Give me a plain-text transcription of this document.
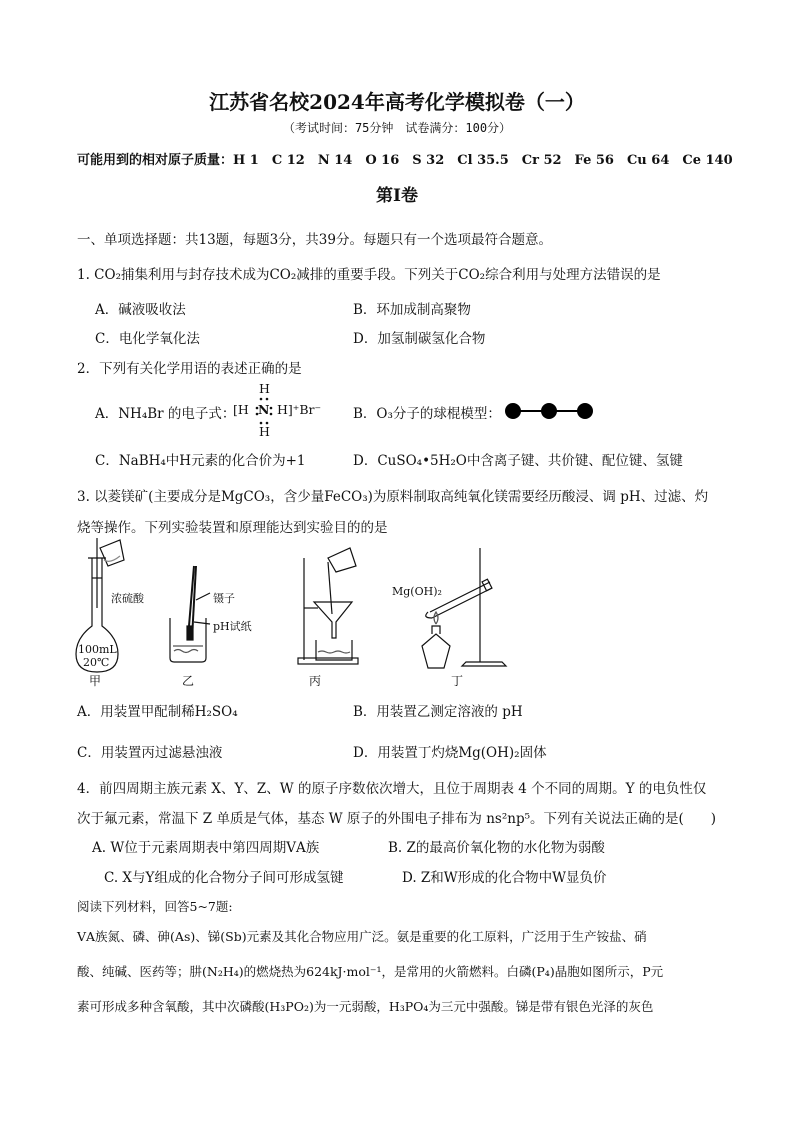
江苏省名校2024年高考化学模拟卷（一）
（考试时间：75分钟　试卷满分：100分）
可能用到的相对原子质量：H 1　C 12　N 14　O 16　S 32　Cl 35.5　Cr 52　Fe 56　Cu 64　Ce 140
第Ⅰ卷
一、单项选择题：共13题，每题3分，共39分。每题只有一个选项最符合题意。
1. CO₂捕集利用与封存技术成为CO₂减排的重要手段。下列关于CO₂综合利用与处理方法错误的是
A．碱液吸收法	B．环加成制高聚物
C．电化学氧化法	D．加氢制碳氢化合物
2．下列有关化学用语的表述正确的是
A．NH₄Br 的电子式：
[H
H
N
H
H]⁺Br⁻ B．O₃分子的球棍模型：
C．NaBH₄中H元素的化合价为+1	D．CuSO₄•5H₂O中含离子键、共价键、配位键、氢键
3. 以菱镁矿(主要成分是MgCO₃，含少量FeCO₃)为原料制取高纯氧化镁需要经历酸浸、调 pH、过滤、灼
烧等操作。下列实验装置和原理能达到实验目的的是
浓硫酸
100mL
20℃
镊子
pH试纸
Mg(OH)₂
甲	乙	丙	丁
A．用装置甲配制稀H₂SO₄	B．用装置乙测定溶液的 pH
C．用装置丙过滤悬浊液	D．用装置丁灼烧Mg(OH)₂固体
4．前四周期主族元素 X、Y、Z、W 的原子序数依次增大，且位于周期表 4 个不同的周期。Y 的电负性仅
次于氟元素，常温下 Z 单质是气体，基态 W 原子的外围电子排布为 ns²np⁵。下列有关说法正确的是(　　)
A. W位于元素周期表中第四周期ⅤA族	B. Z的最高价氧化物的水化物为弱酸
C. X与Y组成的化合物分子间可形成氢键	D. Z和W形成的化合物中W显负价
阅读下列材料，回答5~7题:
ⅤA族氮、磷、砷(As)、锑(Sb)元素及其化合物应用广泛。氨是重要的化工原料，广泛用于生产铵盐、硝
酸、纯碱、医药等；肼(N₂H₄)的燃烧热为624kJ·mol⁻¹，是常用的火箭燃料。白磷(P₄)晶胞如图所示，P元
素可形成多种含氧酸，其中次磷酸(H₃PO₂)为一元弱酸，H₃PO₄为三元中强酸。锑是带有银色光泽的灰色
